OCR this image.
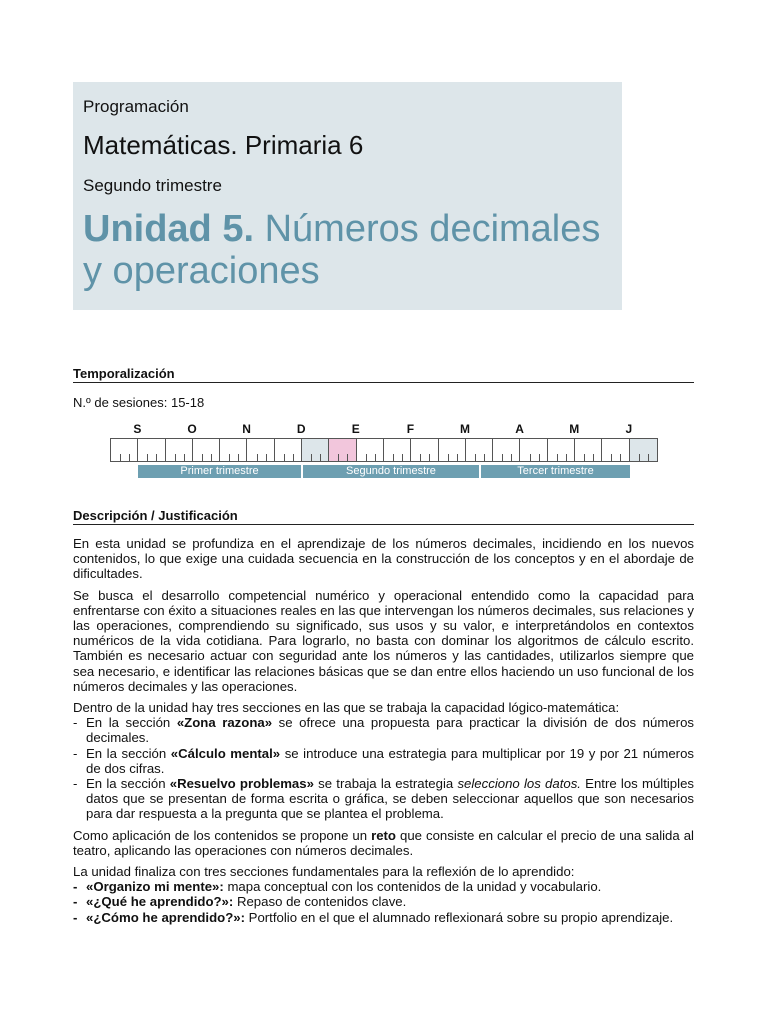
Programación
Matemáticas. Primaria 6
Segundo trimestre
Unidad 5. Números decimales y operaciones
Temporalización
N.º de sesiones: 15-18
S	O	N	D	E	F	M	A	M	J
Primer trimestre	Segundo trimestre	Tercer trimestre
Descripción / Justificación

En esta unidad se profundiza en el aprendizaje de los números decimales, incidiendo en los nuevos contenidos, lo que exige una cuidada secuencia en la construcción de los conceptos y en el abordaje de dificultades.

Se busca el desarrollo competencial numérico y operacional entendido como la capacidad para enfrentarse con éxito a situaciones reales en las que intervengan los números decimales, sus relaciones y las operaciones, comprendiendo su significado, sus usos y su valor, e interpretándolos en contextos numéricos de la vida cotidiana. Para lograrlo, no basta con dominar los algoritmos de cálculo escrito. También es necesario actuar con seguridad ante los números y las cantidades, utilizarlos siempre que sea necesario, e identificar las relaciones básicas que se dan entre ellos haciendo un uso funcional de los números decimales y las operaciones.

Dentro de la unidad hay tres secciones en las que se trabaja la capacidad lógico-matemática:
- En la sección «Zona razona» se ofrece una propuesta para practicar la división de dos números decimales.
- En la sección «Cálculo mental» se introduce una estrategia para multiplicar por 19 y por 21 números de dos cifras.
- En la sección «Resuelvo problemas» se trabaja la estrategia selecciono los datos. Entre los múltiples datos que se presentan de forma escrita o gráfica, se deben seleccionar aquellos que son necesarios para dar respuesta a la pregunta que se plantea el problema.

Como aplicación de los contenidos se propone un reto que consiste en calcular el precio de una salida al teatro, aplicando las operaciones con números decimales.

La unidad finaliza con tres secciones fundamentales para la reflexión de lo aprendido:
- «Organizo mi mente»: mapa conceptual con los contenidos de la unidad y vocabulario.
- «¿Qué he aprendido?»: Repaso de contenidos clave.
- «¿Cómo he aprendido?»: Portfolio en el que el alumnado reflexionará sobre su propio aprendizaje.
